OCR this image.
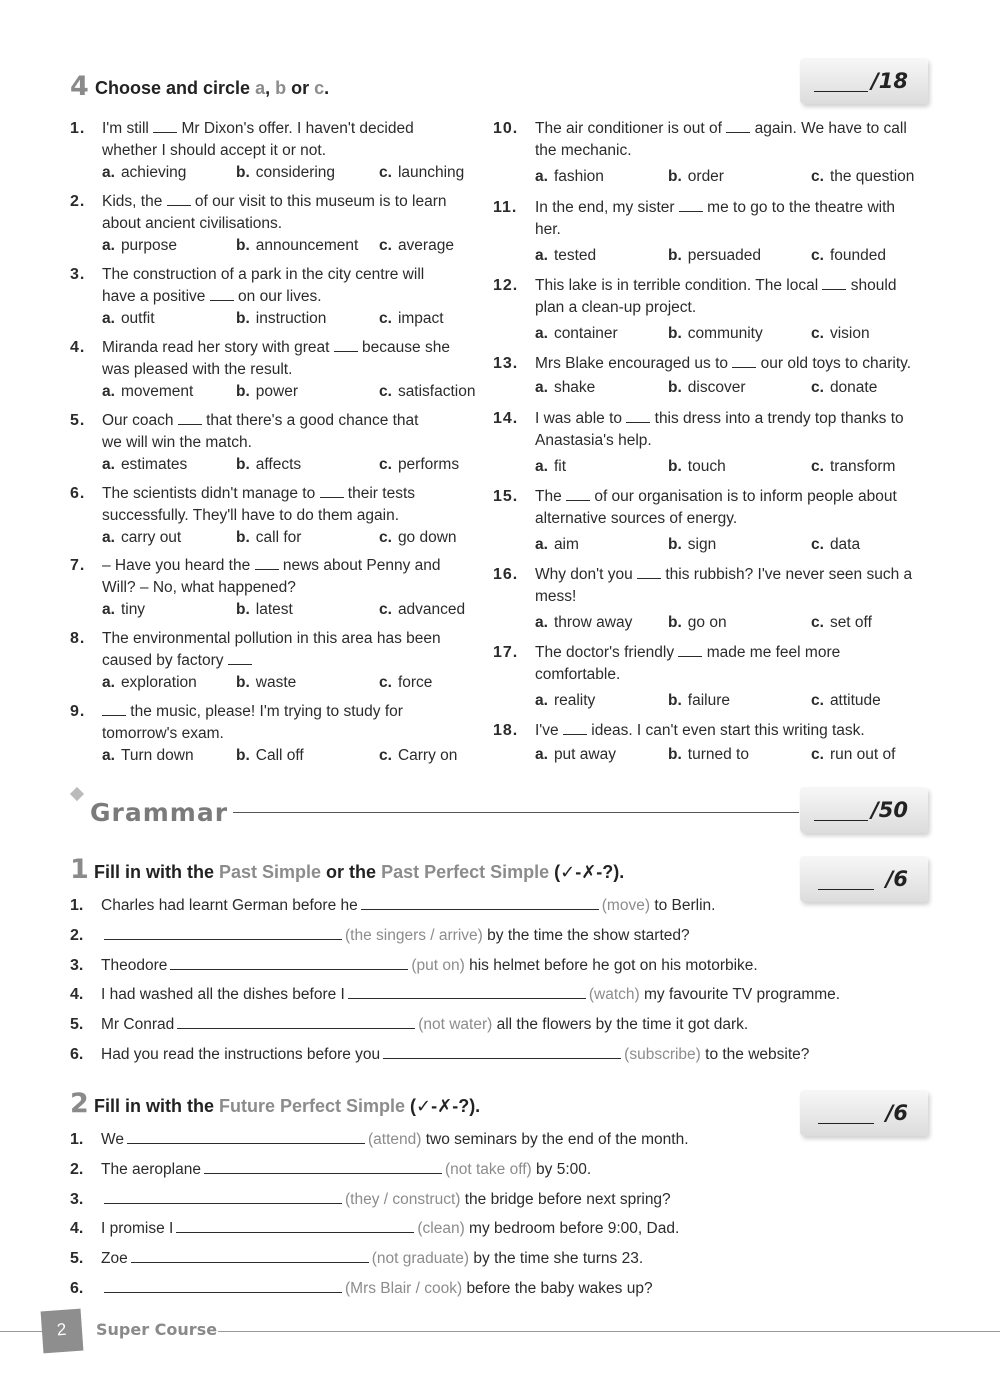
4 Choose and circle a, b or c.	/18
1. I'm still  Mr Dixon's offer. I haven't decided
whether I should accept it or not.
a. achieving	b. considering	c. launching
2. Kids, the  of our visit to this museum is to learn
about ancient civilisations.
a. purpose	b. announcement c. average
3. The construction of a park in the city centre will
have a positive  on our lives.
a. outfit	b. instruction	c. impact
4. Miranda read her story with great  because she
was pleased with the result.
a. movement	b. power	c. satisfaction
5. Our coach  that there's a good chance that
we will win the match.
a. estimates	b. affects	c. performs
6. The scientists didn't manage to  their tests
successfully. They'll have to do them again.
a. carry out	b. call for	c. go down
7. – Have you heard the  news about Penny and
Will? – No, what happened?
a. tiny	b. latest	c. advanced
8. The environmental pollution in this area has been
caused by factory
a. exploration	b. waste	c. force
9.	the music, please! I'm trying to study for
tomorrow's exam.
a. Turn down	b. Call off	c. Carry on
10. The air conditioner is out of  again. We have to call
the mechanic.
a. fashion	b. order	c. the question
11. In the end, my sister  me to go to the theatre with
her.
a. tested	b. persuaded	c. founded
12. This lake is in terrible condition. The local  should
plan a clean-up project.
a. container	b. community	c. vision
13. Mrs Blake encouraged us to  our old toys to charity.
a. shake	b. discover	c. donate
14. I was able to  this dress into a trendy top thanks to
Anastasia's help.
a. fit	b. touch	c. transform
15. The  of our organisation is to inform people about
alternative sources of energy.
a. aim	b. sign	c. data
16. Why don't you  this rubbish? I've never seen such a
mess!
a. throw away b. go on	c. set off
17. The doctor's friendly  made me feel more
comfortable.
a. reality	b. failure	c. attitude
18. I've  ideas. I can't even start this writing task.
a. put away	b. turned to	c. run out of
Grammar	/50
1 Fill in with the Past Simple or the Past Perfect Simple (✓-✗-?).	/6
1. Charles had learnt German before he	(move) to Berlin.
2.	(the singers / arrive) by the time the show started?
3. Theodore	(put on) his helmet before he got on his motorbike.
4. I had washed all the dishes before I	(watch) my favourite TV programme.
5. Mr Conrad	(not water) all the flowers by the time it got dark.
6. Had you read the instructions before you	(subscribe) to the website?
2 Fill in with the Future Perfect Simple (✓-✗-?).	/6
1. We	(attend) two seminars by the end of the month.
2. The aeroplane	(not take off) by 5:00.
3.	(they / construct) the bridge before next spring?
4. I promise I	(clean) my bedroom before 9:00, Dad.
5. Zoe	(not graduate) by the time she turns 23.
6.	(Mrs Blair / cook) before the baby wakes up?
2 Super Course
